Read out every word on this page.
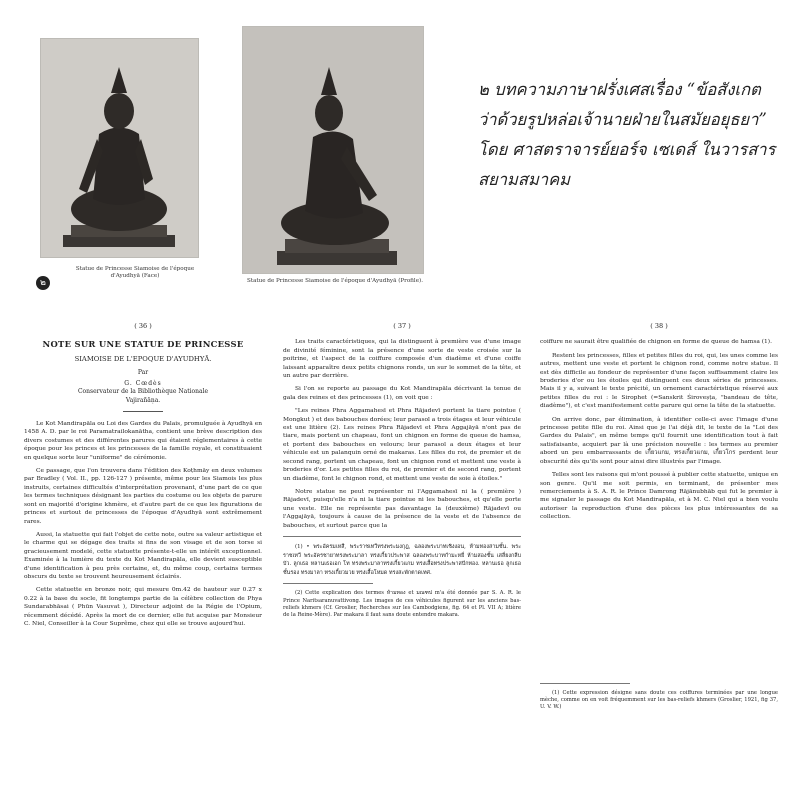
๒
Statue de Princesse Siamoise de l'époque
d'Ayudhyā (Face)
Statue de Princesse Siamoise de l'époque d'Ayudhyā (Profile).
๒ บทความภาษาฝรั่งเศสเรื่อง “ข้อสังเกต
ว่าด้วยรูปหล่อเจ้านายฝ่ายในสมัยอยุธยา”
โดย ศาสตราจารย์ยอร์จ เซเดส์ ในวารสาร
สยามสมาคม
( 36 )
NOTE SUR UNE STATUE DE PRINCESSE
SIAMOISE DE L'EPOQUE D'AYUDHYĀ.
Par
G. Cœdès
Conservateur de la Bibliothèque Nationale
Vajirañāṇa.

Le Kot Mandirapāla ou Loi des Gardes du Palais, promulguée à Ayudhyā en 1458 A. D. par le roi Paramatrailokanātha, contient une brève description des divers costumes et des différentes parures qui étaient réglementaires à cette époque pour les princes et les princesses de la famille royale, et constituaient en quelque sorte leur "uniforme" de cérémonie.

Ce passage, que l'on trouvera dans l'édition des Koṭhmāy en deux volumes par Bradley ( Vol. II., pp. 126-127 ) présente, même pour les Siamois les plus instruits, certaines difficultés d'interprétation provenant, d'une part de ce que les termes techniques désignant les parties du costume ou les objets de parure sont en majorité d'origine khmère, et d'autre part de ce que les figurations de princes et surtout de princesses de l'époque d'Ayudhyā sont extrêmement rares.

Aussi, la statuette qui fait l'objet de cette note, outre sa valeur artistique et le charme qui se dégage des traits si fins de son visage et de son torse si gracieusement modelé, cette statuette présente-t-elle un intérêt exceptionnel. Examinée à la lumière du texte du Kot Mandirapāla, elle devient susceptible d'une identification à peu près certaine, et, du même coup, certains termes obscurs du texte se trouvent heureusement éclairés.

Cette statuette en bronze noir, qui mesure 0m.42 de hauteur sur 0.27 x 0.22 à la base du socle, fit longtemps partie de la célèbre collection de Phya Sundarabhāsai ( Phūn Vasuvat ), Directeur adjoint de la Régie de l'Opium, récemment décédé. Après la mort de ce dernier, elle fut acquise par Monsieur C. Niel, Conseiller à la Cour Suprême, chez qui elle se trouve aujourd'hui.

( 37 )

Les traits caractéristiques, qui la distinguent à première vue d'une image de divinité féminine, sont la présence d'une sorte de veste croisée sur la poitrine, et l'aspect de la coiffure composée d'un diadème et d'une coiffe laissant apparaître deux petits chignons ronds, un sur le sommet de la tête, et un autre par derrière.

Si l'on se reporte au passage du Kot Mandirapāla décrivant la tenue de gala des reines et des princesses (1), on voit que :

"Les reines Phra Aggamahesī et Phra Rājadevī portent la tiare pointue ( Mongkut ) et des babouches dorées; leur parasol a trois étages et leur véhicule est une litière (2). Les reines Phra Rājadevī et Phra Aggajāyā n'ont pas de tiare, mais portent un chapeau, font un chignon en forme de queue de hamsa, et portent des babouches en velours; leur parasol a deux étages et leur véhicule est un palanquin orné de makaras. Les filles du roi, de premier et de second rang, portent un chapeau, font un chignon rond et mettent une veste à broderies d'or. Les petites filles du roi, de premier et de second rang, portent un diadème, font le chignon rond, et mettent une veste de soie à étoiles."

Notre statue ne peut représenter ni l'Aggamahesī ni la ( première ) Rājadevī, puisqu'elle n'a ni la tiare pointue ni les babouches, et qu'elle porte une veste. Elle ne représente pas davantage la (deuxième) Rājadevī ou l'Aggajāyā, toujours à cause de la présence de la veste et de l'absence de babouches, et surtout parce que la

(1) • พระอัครมเหสี, พระราชเทวีทรงพระมงกุฎ, ฉลองพระบาทเชิงงอน, ห้ามทองสามชั้น. พระราชเทวี พระอัครชายาทรงพระมาลา ทรงเกี้ยวประพาส ฉลองพระบาทกำมะหยี่ ห้ามสองชั้น เสลี่ยงกลีบบัว. ลูกเธอ หลานเธอเอก โท ทรงพระมาลาทรงเกี้ยวแกม ทรงเสื้อทรงประพาสปักทอง. หลานเธอ ลูกเธอชั้นรอง ทรงมาลา ทรงเกี้ยวมวย ทรงเสื้อโหมด ทรงสะพักตาดเทศ.

(2) Cette explication des termes ห้ามทอง et มณฑป m'a été donnée par S. A. R. le Prince Naritsaranuvattivong. Les images de ces véhicules figurent sur les anciens bas-reliefs khmers (Cf. Groslier, Recherches sur les Cambodgiens, fig. 64 et Pl. VII A; litière de la Reine-Mère). Par makara il faut sans doute entendre makara.

( 38 )

coiffure ne saurait être qualifiée de chignon en forme de queue de hamsa (1).

Restent les princesses, filles et petites filles du roi, qui, les unes comme les autres, mettent une veste et portent le chignon rond, comme notre statue. Il est dès difficile au fondeur de représenter d'une façon suffisamment claire les broderies d'or ou les étoiles qui distinguent ces deux séries de princesses. Mais il y a, suivant le texte précité, un ornement caractéristique réservé aux petites filles du roi : le Sirophet (=Sanskrit Śiroveṣṭa, "bandeau de tête, diadème"), et c'est manifestement cette parure qui orne la tête de la statuette.

On arrive donc, par élimination, à identifier celle-ci avec l'image d'une princesse petite fille du roi. Ainsi que je l'ai déjà dit, le texte de la "Loi des Gardes du Palais", en même temps qu'il fournit une identification tout à fait satisfaisante, acquiert par là une précision nouvelle : les termes au premier abord un peu embarrassants de เกี้ยวแกม, ทรงเกี้ยวแกม, เกี้ยวโกร perdent leur obscurité dès qu'ils sont pour ainsi dire illustrés par l'image.

Telles sont les raisons qui m'ont poussé à publier cette statuette, unique en son genre. Qu'il me soit permis, en terminant, de présenter mes remerciements à S. A. R. le Prince Damrong Rājānubhāb qui fut le premier à me signaler le passage du Kot Mandirapāla, et à M. C. Niel qui a bien voulu autoriser la reproduction d'une des pièces les plus intéressantes de sa collection.

(1) Cette expression désigne sans doute ces coiffures terminées par une longue mèche, comme on en voit fréquemment sur les bas-reliefs khmers (Groslier, 1921, fig 37, U. V. W.)
